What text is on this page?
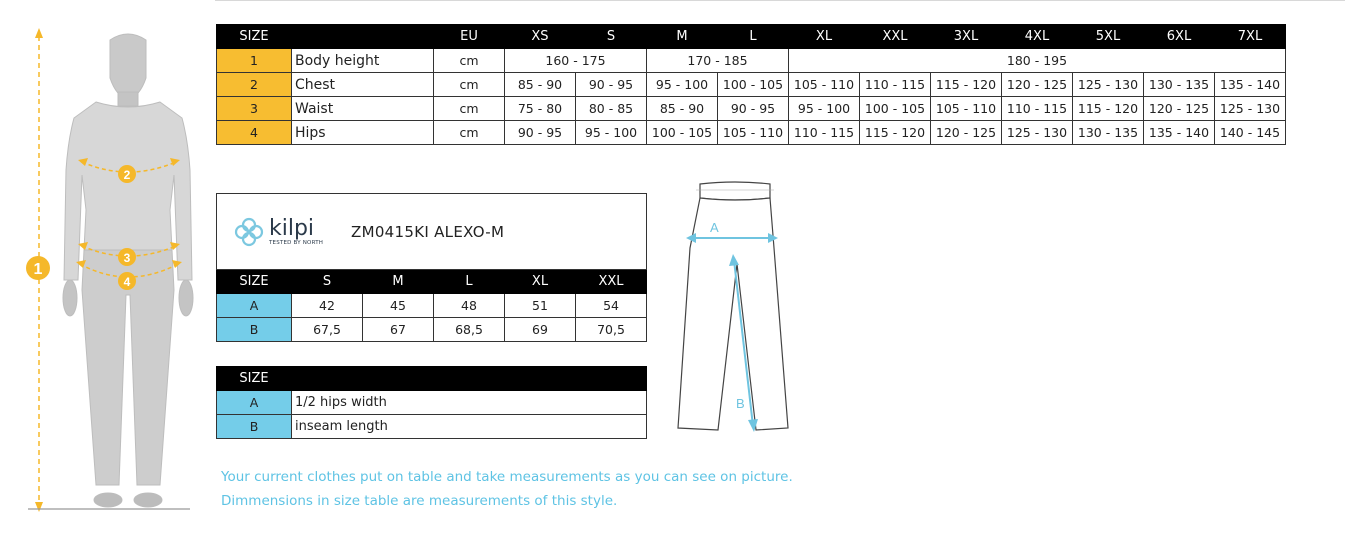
1
2
3
4
SIZE		EU	XS	S	M	L	XL	XXL	3XL	4XL	5XL	6XL	7XL
1	Body height	cm	160 - 175		170 - 185		180 - 195						
2	Chest	cm	85 - 90	90 - 95	95 - 100	100 - 105	105 - 110	110 - 115	115 - 120	120 - 125	125 - 130	130 - 135	135 - 140
3	Waist	cm	75 - 80	80 - 85	85 - 90	90 - 95	95 - 100	100 - 105	105 - 110	110 - 115	115 - 120	120 - 125	125 - 130
4	Hips	cm	90 - 95	95 - 100	100 - 105	105 - 110	110 - 115	115 - 120	120 - 125	125 - 130	130 - 135	135 - 140	140 - 145
kilpi
TESTED BY NORTH
ZM0415KI ALEXO-M					

SIZE	S	M	L	XL	XXL
A	42	45	48	51	54
B	67,5	67	68,5	69	70,5
SIZE	
A	1/2 hips width
B	inseam length
A
B
Your current clothes put on table and take measurements as you can see on picture.
Dimmensions in size table are measurements of this style.
